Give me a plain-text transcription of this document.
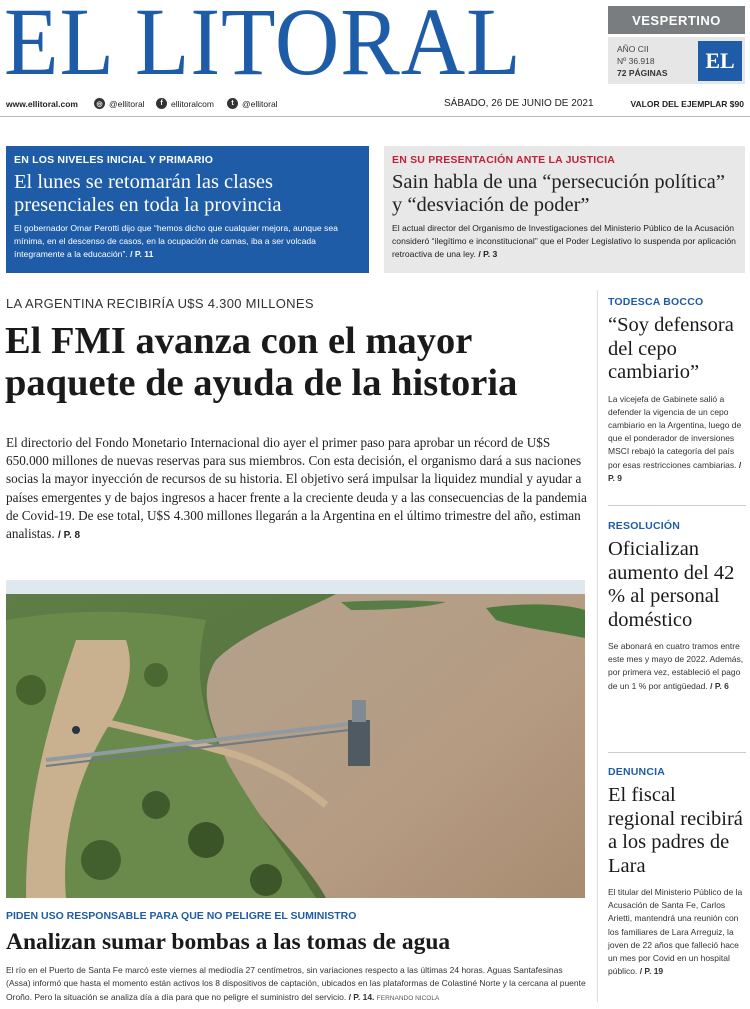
EL LITORAL	VESPERTINO
AÑO CII
Nº 36.918
72 PÁGINAS	EL
www.ellitoral.com	◎ @ellitoral	f ellitoralcom	t @ellitoral	SÁBADO, 26 DE JUNIO DE 2021	VALOR DEL EJEMPLAR $90
EN LOS NIVELES INICIAL Y PRIMARIO
El lunes se retomarán las clases presenciales en toda la provincia
El gobernador Omar Perotti dijo que “hemos dicho que cualquier mejora, aunque sea mínima, en el descenso de casos, en la ocupación de camas, iba a ser volcada íntegramente a la educación”. / P. 11
EN SU PRESENTACIÓN ANTE LA JUSTICIA
Sain habla de una “persecución política” y “desviación de poder”
El actual director del Organismo de Investigaciones del Ministerio Público de la Acusación consideró “ilegítimo e inconstitucional” que el Poder Legislativo lo suspenda por aplicación retroactiva de una ley. / P. 3
LA ARGENTINA RECIBIRÍA U$S 4.300 MILLONES
El FMI avanza con el mayor paquete de ayuda de la historia
El directorio del Fondo Monetario Internacional dio ayer el primer paso para aprobar un récord de U$S 650.000 millones de nuevas reservas para sus miembros. Con esta decisión, el organismo dará a sus naciones socias la mayor inyección de recursos de su historia. El objetivo será impulsar la liquidez mundial y ayudar a países emergentes y de bajos ingresos a hacer frente a la creciente deuda y a las consecuencias de la pandemia de Covid-19. De ese total, U$S 4.300 millones llegarán a la Argentina en el último trimestre del año, estiman analistas. / P. 8
PIDEN USO RESPONSABLE PARA QUE NO PELIGRE EL SUMINISTRO
Analizan sumar bombas a las tomas de agua
El río en el Puerto de Santa Fe marcó este viernes al mediodía 27 centímetros, sin variaciones respecto a las últimas 24 horas. Aguas Santafesinas (Assa) informó que hasta el momento están activos los 8 dispositivos de captación, ubicados en las plataformas de Colastiné Norte y la cercana al puente Oroño. Pero la situación se analiza día a día para que no peligre el suministro del servicio. / P. 14. FERNANDO NICOLA
TODESCA BOCCO
“Soy defensora del cepo cambiario”
La vicejefa de Gabinete salió a defender la vigencia de un cepo cambiario en la Argentina, luego de que el ponderador de inversiones MSCI rebajó la categoría del país por esas restricciones cambiarias. / P. 9
RESOLUCIÓN
Oficializan aumento del 42 % al personal doméstico
Se abonará en cuatro tramos entre este mes y mayo de 2022. Además, por primera vez, estableció el pago de un 1 % por antigüedad. / P. 6
DENUNCIA
El fiscal regional recibirá a los padres de Lara
El titular del Ministerio Público de la Acusación de Santa Fe, Carlos Arietti, mantendrá una reunión con los familiares de Lara Arreguiz, la joven de 22 años que falleció hace un mes por Covid en un hospital público. / P. 19
